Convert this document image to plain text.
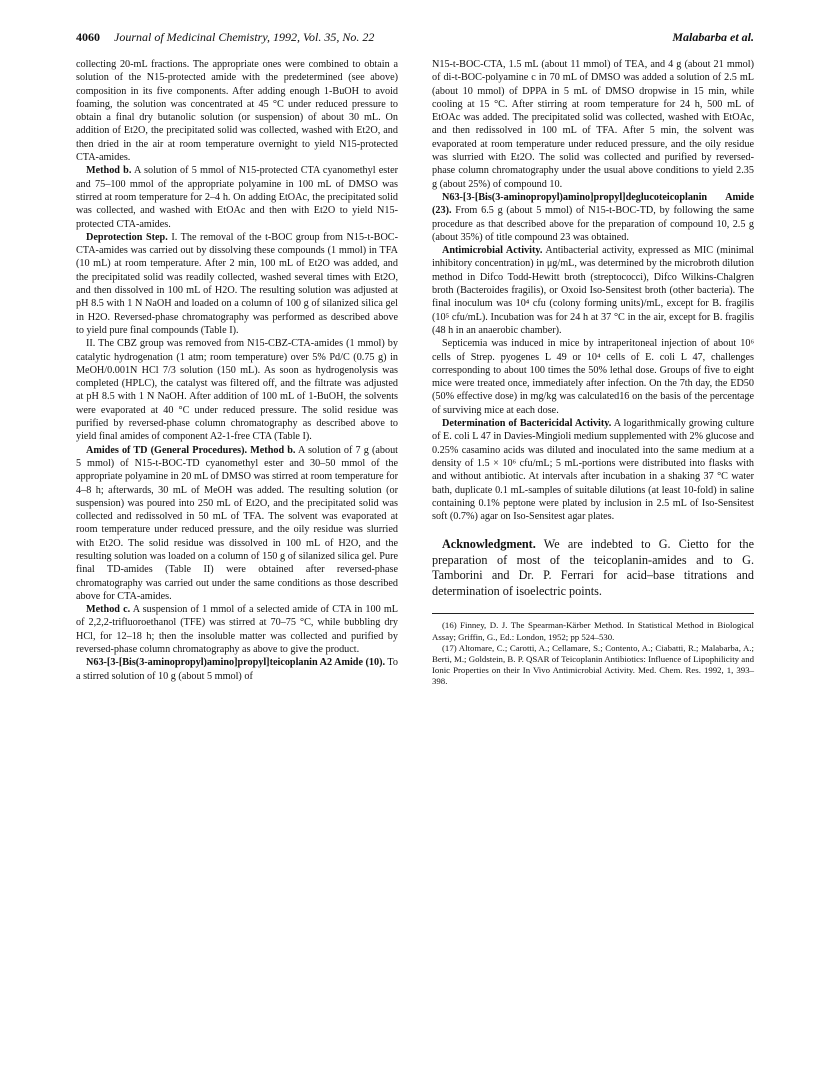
4060 Journal of Medicinal Chemistry, 1992, Vol. 35, No. 22	Malabarba et al.

collecting 20-mL fractions. The appropriate ones were combined to obtain a solution of the N15-protected amide with the predetermined (see above) composition in its five components. After adding enough 1-BuOH to avoid foaming, the solution was concentrated at 45 °C under reduced pressure to obtain a final dry butanolic solution (or suspension) of about 30 mL. On addition of Et2O, the precipitated solid was collected, washed with Et2O, and then dried in the air at room temperature overnight to yield N15-protected CTA-amides.

Method b. A solution of 5 mmol of N15-protected CTA cyanomethyl ester and 75–100 mmol of the appropriate polyamine in 100 mL of DMSO was stirred at room temperature for 2–4 h. On adding EtOAc, the precipitated solid was collected, and washed with EtOAc and then with Et2O to yield N15-protected CTA-amides.

Deprotection Step. I. The removal of the t-BOC group from N15-t-BOC-CTA-amides was carried out by dissolving these compounds (1 mmol) in TFA (10 mL) at room temperature. After 2 min, 100 mL of Et2O was added, and the precipitated solid was readily collected, washed several times with Et2O, and then dissolved in 100 mL of H2O. The resulting solution was adjusted at pH 8.5 with 1 N NaOH and loaded on a column of 100 g of silanized silica gel in H2O. Reversed-phase chromatography was performed as described above to yield pure final compounds (Table I).

II. The CBZ group was removed from N15-CBZ-CTA-amides (1 mmol) by catalytic hydrogenation (1 atm; room temperature) over 5% Pd/C (0.75 g) in MeOH/0.001N HCl 7/3 solution (150 mL). As soon as hydrogenolysis was completed (HPLC), the catalyst was filtered off, and the filtrate was adjusted at pH 8.5 with 1 N NaOH. After addition of 100 mL of 1-BuOH, the solvents were evaporated at 40 °C under reduced pressure. The solid residue was purified by reversed-phase column chromatography as described above to yield final amides of component A2-1-free CTA (Table I).

Amides of TD (General Procedures). Method b. A solution of 7 g (about 5 mmol) of N15-t-BOC-TD cyanomethyl ester and 30–50 mmol of the appropriate polyamine in 20 mL of DMSO was stirred at room temperature for 4–8 h; afterwards, 30 mL of MeOH was added. The resulting solution (or suspension) was poured into 250 mL of Et2O, and the precipitated solid was collected and redissolved in 50 mL of TFA. The solvent was evaporated at room temperature under reduced pressure, and the oily residue was slurried with Et2O. The solid residue was dissolved in 100 mL of H2O, and the resulting solution was loaded on a column of 150 g of silanized silica gel. Pure final TD-amides (Table II) were obtained after reversed-phase chromatography was carried out under the same conditions as those described above for CTA-amides.

Method c. A suspension of 1 mmol of a selected amide of CTA in 100 mL of 2,2,2-trifluoroethanol (TFE) was stirred at 70–75 °C, while bubbling dry HCl, for 12–18 h; then the insoluble matter was collected and purified by reversed-phase column chromatography as above to give the product.

N63-[3-[Bis(3-aminopropyl)amino]propyl]teicoplanin A2 Amide (10). To a stirred solution of 10 g (about 5 mmol) of

N15-t-BOC-CTA, 1.5 mL (about 11 mmol) of TEA, and 4 g (about 21 mmol) of di-t-BOC-polyamine c in 70 mL of DMSO was added a solution of 2.5 mL (about 10 mmol) of DPPA in 5 mL of DMSO dropwise in 15 min, while cooling at 15 °C. After stirring at room temperature for 24 h, 500 mL of EtOAc was added. The precipitated solid was collected, washed with EtOAc, and then redissolved in 100 mL of TFA. After 5 min, the solvent was evaporated at room temperature under reduced pressure, and the oily residue was slurried with Et2O. The solid was collected and purified by reversed-phase column chromatography under the usual above conditions to yield 2.35 g (about 25%) of compound 10.

N63-[3-[Bis(3-aminopropyl)amino]propyl]deglucoteicoplanin Amide (23). From 6.5 g (about 5 mmol) of N15-t-BOC-TD, by following the same procedure as that described above for the preparation of compound 10, 2.5 g (about 35%) of title compound 23 was obtained.

Antimicrobial Activity. Antibacterial activity, expressed as MIC (minimal inhibitory concentration) in μg/mL, was determined by the microbroth dilution method in Difco Todd-Hewitt broth (streptococci), Difco Wilkins-Chalgren broth (Bacteroides fragilis), or Oxoid Iso-Sensitest broth (other bacteria). The final inoculum was 10⁴ cfu (colony forming units)/mL, except for B. fragilis (10⁵ cfu/mL). Incubation was for 24 h at 37 °C in the air, except for B. fragilis (48 h in an anaerobic chamber).

Septicemia was induced in mice by intraperitoneal injection of about 10⁶ cells of Strep. pyogenes L 49 or 10⁴ cells of E. coli L 47, challenges corresponding to about 100 times the 50% lethal dose. Groups of five to eight mice were treated once, immediately after infection. On the 7th day, the ED50 (50% effective dose) in mg/kg was calculated16 on the basis of the percentage of surviving mice at each dose.

Determination of Bactericidal Activity. A logarithmically growing culture of E. coli L 47 in Davies-Mingioli medium supplemented with 2% glucose and 0.25% casamino acids was diluted and inoculated into the same medium at a density of 1.5 × 10⁶ cfu/mL; 5 mL-portions were distributed into flasks with and without antibiotic. At intervals after incubation in a shaking 37 °C water bath, duplicate 0.1 mL-samples of suitable dilutions (at least 10-fold) in saline containing 0.1% peptone were plated by inclusion in 2.5 mL of Iso-Sensitest soft (0.7%) agar on Iso-Sensitest agar plates.

Acknowledgment. We are indebted to G. Cietto for the preparation of most of the teicoplanin-amides and to G. Tamborini and Dr. P. Ferrari for acid–base titrations and determination of isoelectric points.

(16) Finney, D. J. The Spearman-Kärber Method. In Statistical Method in Biological Assay; Griffin, G., Ed.: London, 1952; pp 524–530.
(17) Altomare, C.; Carotti, A.; Cellamare, S.; Contento, A.; Ciabatti, R.; Malabarba, A.; Berti, M.; Goldstein, B. P. QSAR of Teicoplanin Antibiotics: Influence of Lipophilicity and Ionic Properties on their In Vivo Antimicrobial Activity. Med. Chem. Res. 1992, 1, 393–398.
